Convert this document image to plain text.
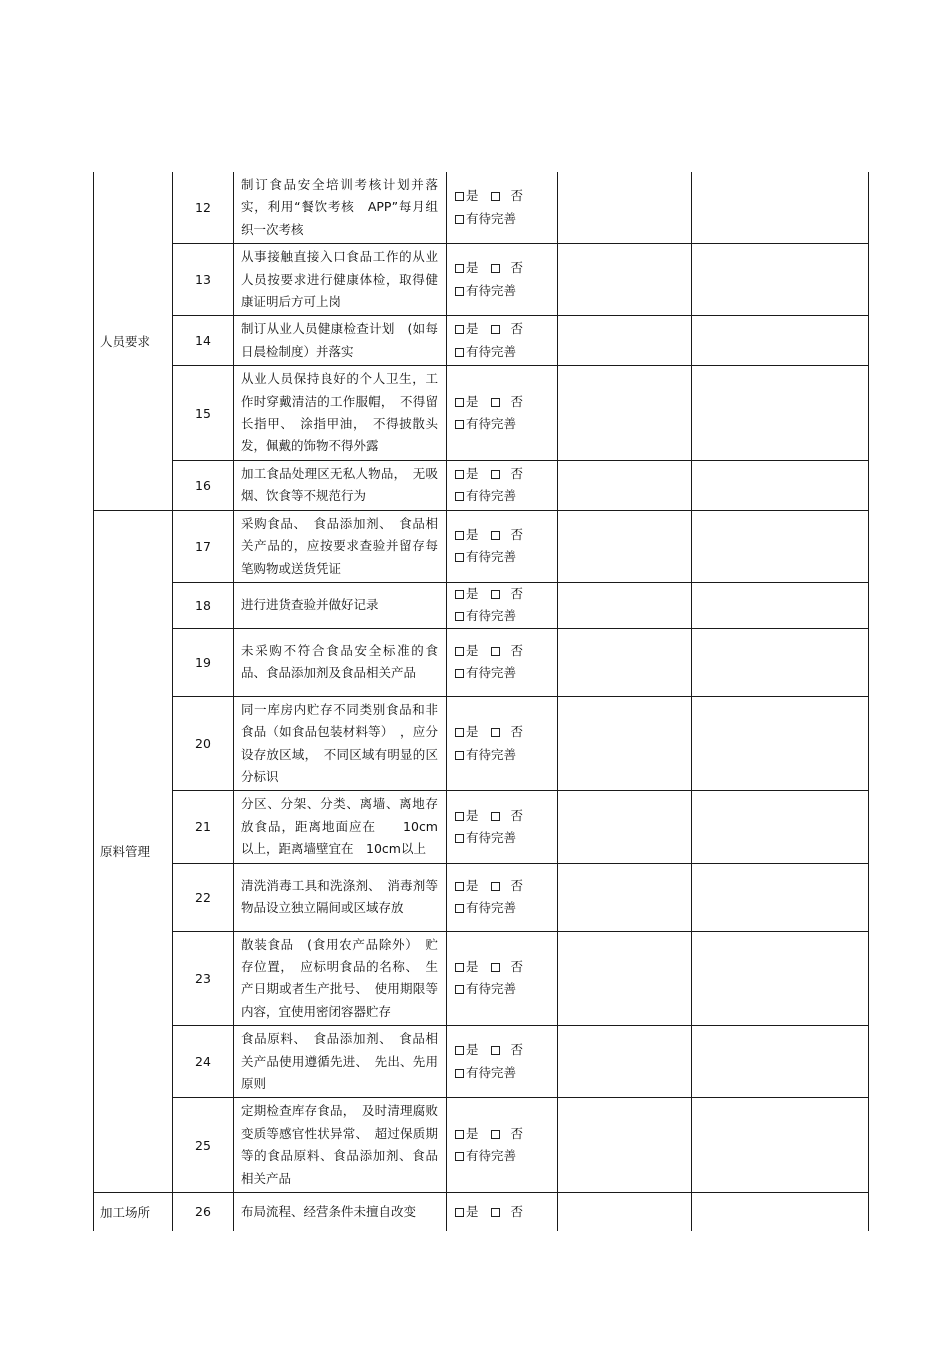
人员要求	12	制订食品安全培训考核计划并落实，利用“餐饮考核　APP”每月组织一次考核	是 否
有待完善		

	13	从事接触直接入口食品工作的从业人员按要求进行健康体检，取得健康证明后方可上岗	是 否
有待完善		

	14	制订从业人员健康检查计划　(如每日晨检制度）并落实	是 否
有待完善		

	15	从业人员保持良好的个人卫生，工作时穿戴清洁的工作服帽，　不得留长指甲、　涂指甲油，　不得披散头发，佩戴的饰物不得外露	是 否
有待完善		

	16	加工食品处理区无私人物品，　无吸烟、饮食等不规范行为	是 否
有待完善		

原料管理	17	采购食品、　食品添加剂、　食品相关产品的，应按要求查验并留存每笔购物或送货凭证	是 否
有待完善		

	18	进行进货查验并做好记录	是 否
有待完善		

	19	未采购不符合食品安全标准的食品、食品添加剂及食品相关产品	是 否
有待完善		

	20	同一库房内贮存不同类别食品和非食品（如食品包装材料等）　，应分设存放区域，　不同区域有明显的区分标识	是 否
有待完善		

	21	分区、分架、分类、离墙、离地存放食品，距离地面应在　　10cm以上，距离墙壁宜在　10cm以上	是 否
有待完善		

	22	清洗消毒工具和洗涤剂、　消毒剂等物品设立独立隔间或区域存放	是 否
有待完善		

	23	散装食品　(食用农产品除外）　贮存位置，　应标明食品的名称、　生产日期或者生产批号、　使用期限等内容，宜使用密闭容器贮存	是 否
有待完善		

	24	食品原料、　食品添加剂、　食品相关产品使用遵循先进、　先出、先用原则	是 否
有待完善		

	25	定期检查库存食品，　及时清理腐败变质等感官性状异常、　超过保质期等的食品原料、食品添加剂、食品相关产品	是 否
有待完善		

加工场所	26	布局流程、经营条件未擅自改变	是 否		
